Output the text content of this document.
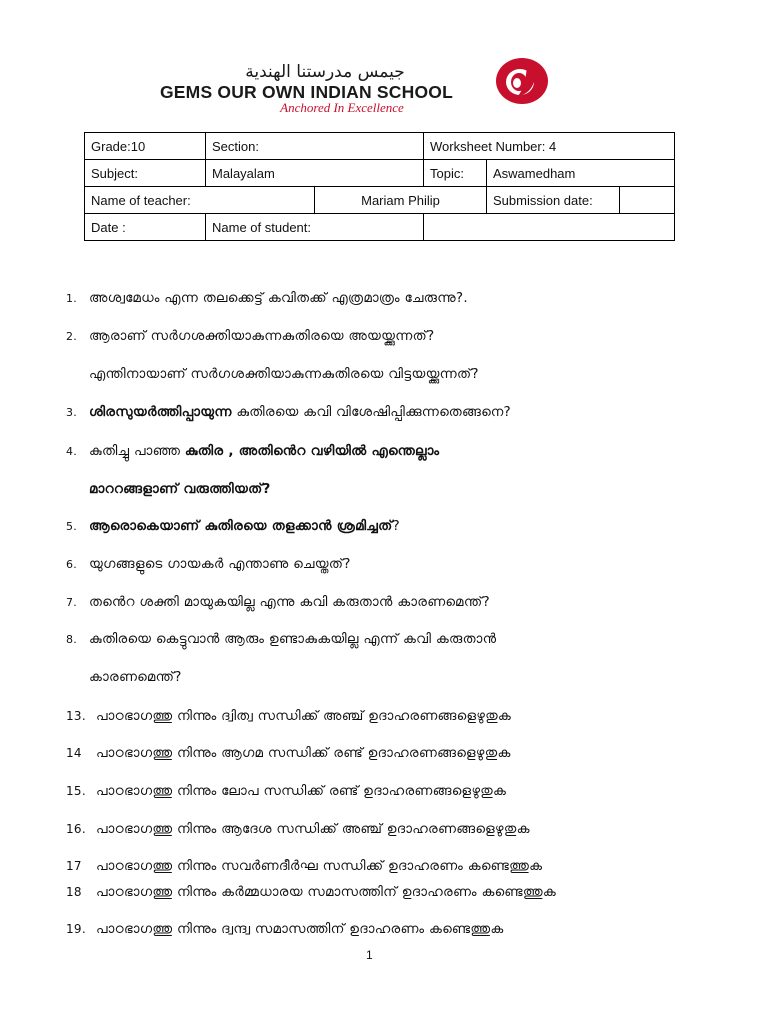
جيمس مدرستنا الهندية
GEMS OUR OWN INDIAN SCHOOL
Anchored In Excellence
Grade:10	Section:		Worksheet Number: 4		
Subject:	Malayalam		Topic:	Aswamedham	
Name of teacher:		Mariam Philip		Submission date:	
Date :	Name of student:				
1. അശ്വമേധം എന്ന തലക്കെട്ട് കവിതക്ക് എത്രമാത്രം ചേരുന്നു?.
2. ആരാണ് സർഗശക്തിയാകുന്നകുതിരയെ അയയ്ക്കുന്നത്?
എന്തിനായാണ് സർഗശക്തിയാകുന്നകുതിരയെ വിട്ടയയ്ക്കുന്നത്?
3. ശിരസുയർത്തിപ്പായുന്ന കുതിരയെ കവി വിശേഷിപ്പിക്കുന്നതെങ്ങനെ?
4. കുതിച്ചു പാഞ്ഞ കുതിര , അതിൻെറ വഴിയിൽ എന്തെല്ലാം
മാററങ്ങളാണ് വരുത്തിയത്?
5. ആരൊകെയാണ് കുതിരയെ തളക്കാൻ ശ്രമിച്ചത്?
6. യുഗങ്ങളുടെ ഗായകർ എന്താണു ചെയ്തത്?
7. തൻെറ ശക്തി മായുകയില്ല എന്നു കവി കരുതാൻ കാരണമെന്ത്?
8. കുതിരയെ കെട്ടുവാൻ ആരും ഉണ്ടാകുകയില്ല എന്ന് കവി കരുതാൻ
കാരണമെന്ത്?
13. പാഠഭാഗത്തു നിന്നും ദ്വിത്വ സന്ധിക്ക് അഞ്ച് ഉദാഹരണങ്ങളെഴുതുക
14 പാഠഭാഗത്തു നിന്നും ആഗമ സന്ധിക്ക് രണ്ട് ഉദാഹരണങ്ങളെഴുതുക
15. പാഠഭാഗത്തു നിന്നും ലോപ സന്ധിക്ക് രണ്ട് ഉദാഹരണങ്ങളെഴുതുക
16. പാഠഭാഗത്തു നിന്നും ആദേശ സന്ധിക്ക് അഞ്ച് ഉദാഹരണങ്ങളെഴുതുക
17 പാഠഭാഗത്തു നിന്നും സവർണദീർഘ സന്ധിക്ക് ഉദാഹരണം കണ്ടെത്തുക
18 പാഠഭാഗത്തു നിന്നും കർമ്മധാരയ സമാസത്തിന് ഉദാഹരണം കണ്ടെത്തുക
19. പാഠഭാഗത്തു നിന്നും ദ്വന്ദ്വ സമാസത്തിന് ഉദാഹരണം കണ്ടെത്തുക
1
